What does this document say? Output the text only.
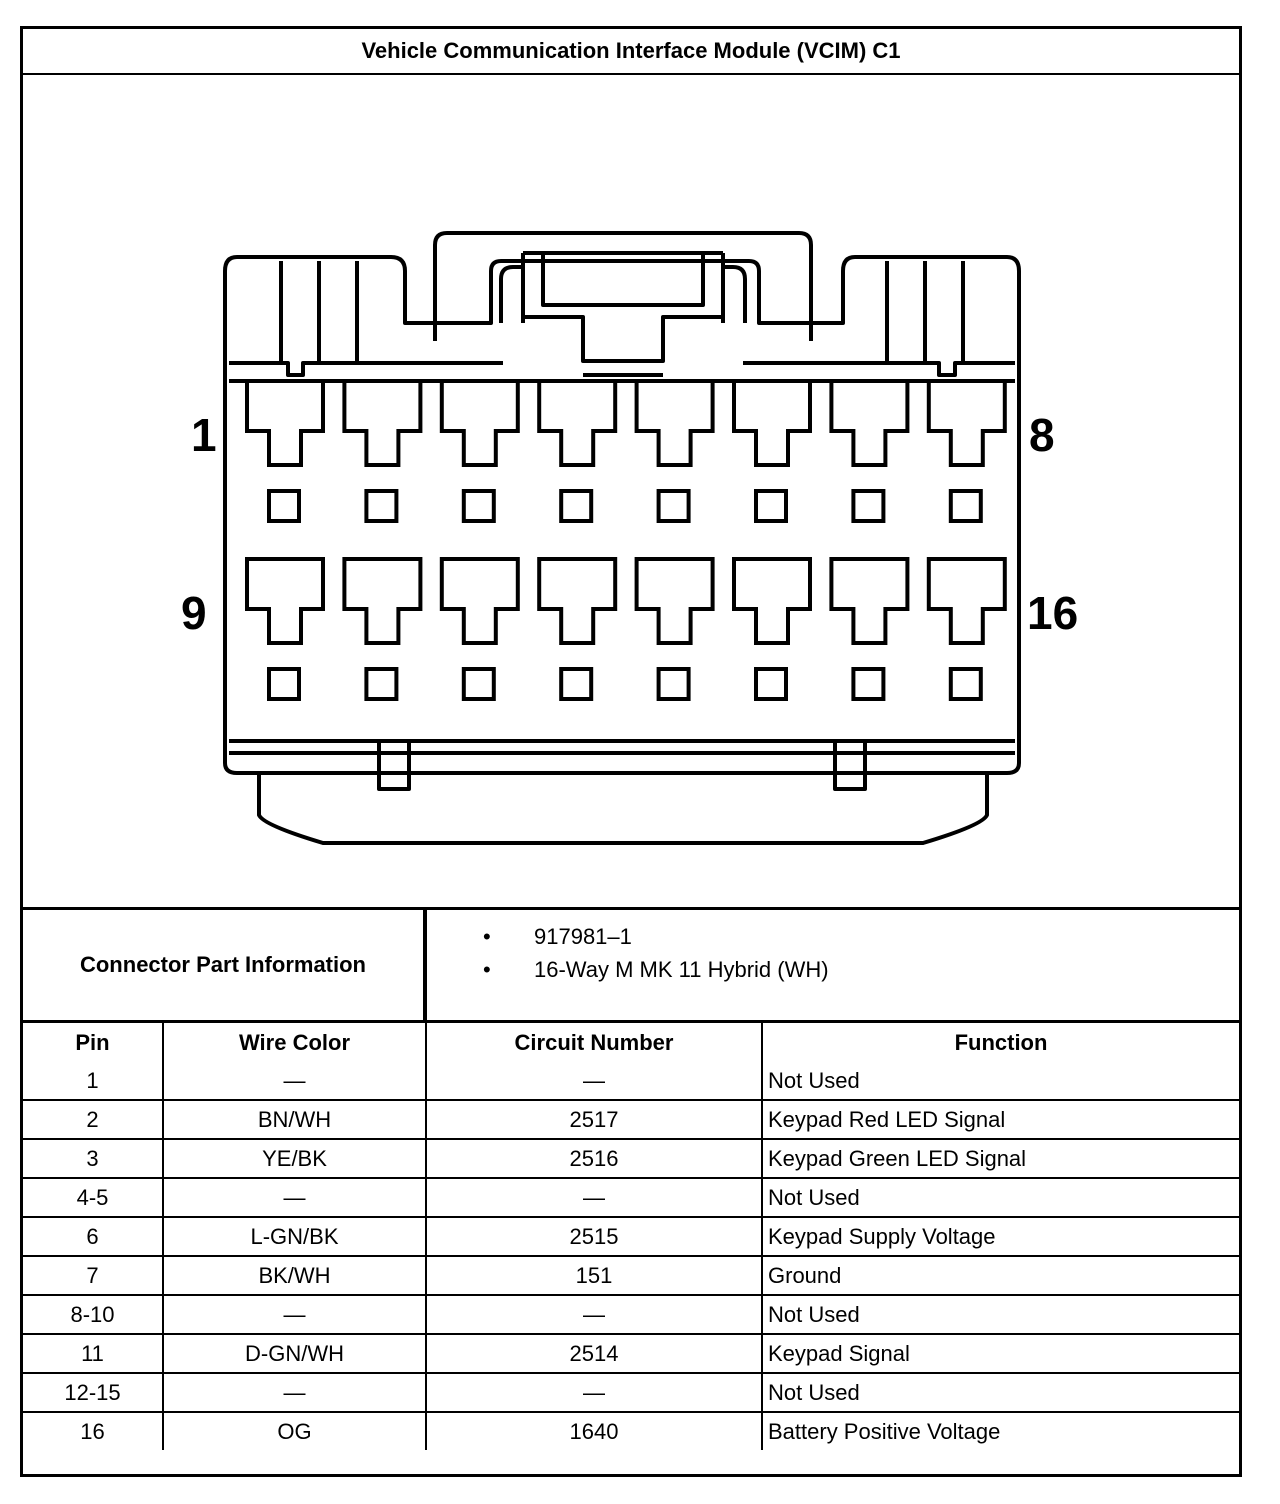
Vehicle Communication Interface Module (VCIM) C1
1	8
9	16
Connector Part Information
• 917981–1
• 16-Way M MK 11 Hybrid (WH)
Pin	Wire Color	Circuit Number	Function
1	—	—	Not Used
2	BN/WH	2517	Keypad Red LED Signal
3	YE/BK	2516	Keypad Green LED Signal
4-5	—	—	Not Used
6	L-GN/BK	2515	Keypad Supply Voltage
7	BK/WH	151	Ground
8-10	—	—	Not Used
11	D-GN/WH	2514	Keypad Signal
12-15	—	—	Not Used
16	OG	1640	Battery Positive Voltage
